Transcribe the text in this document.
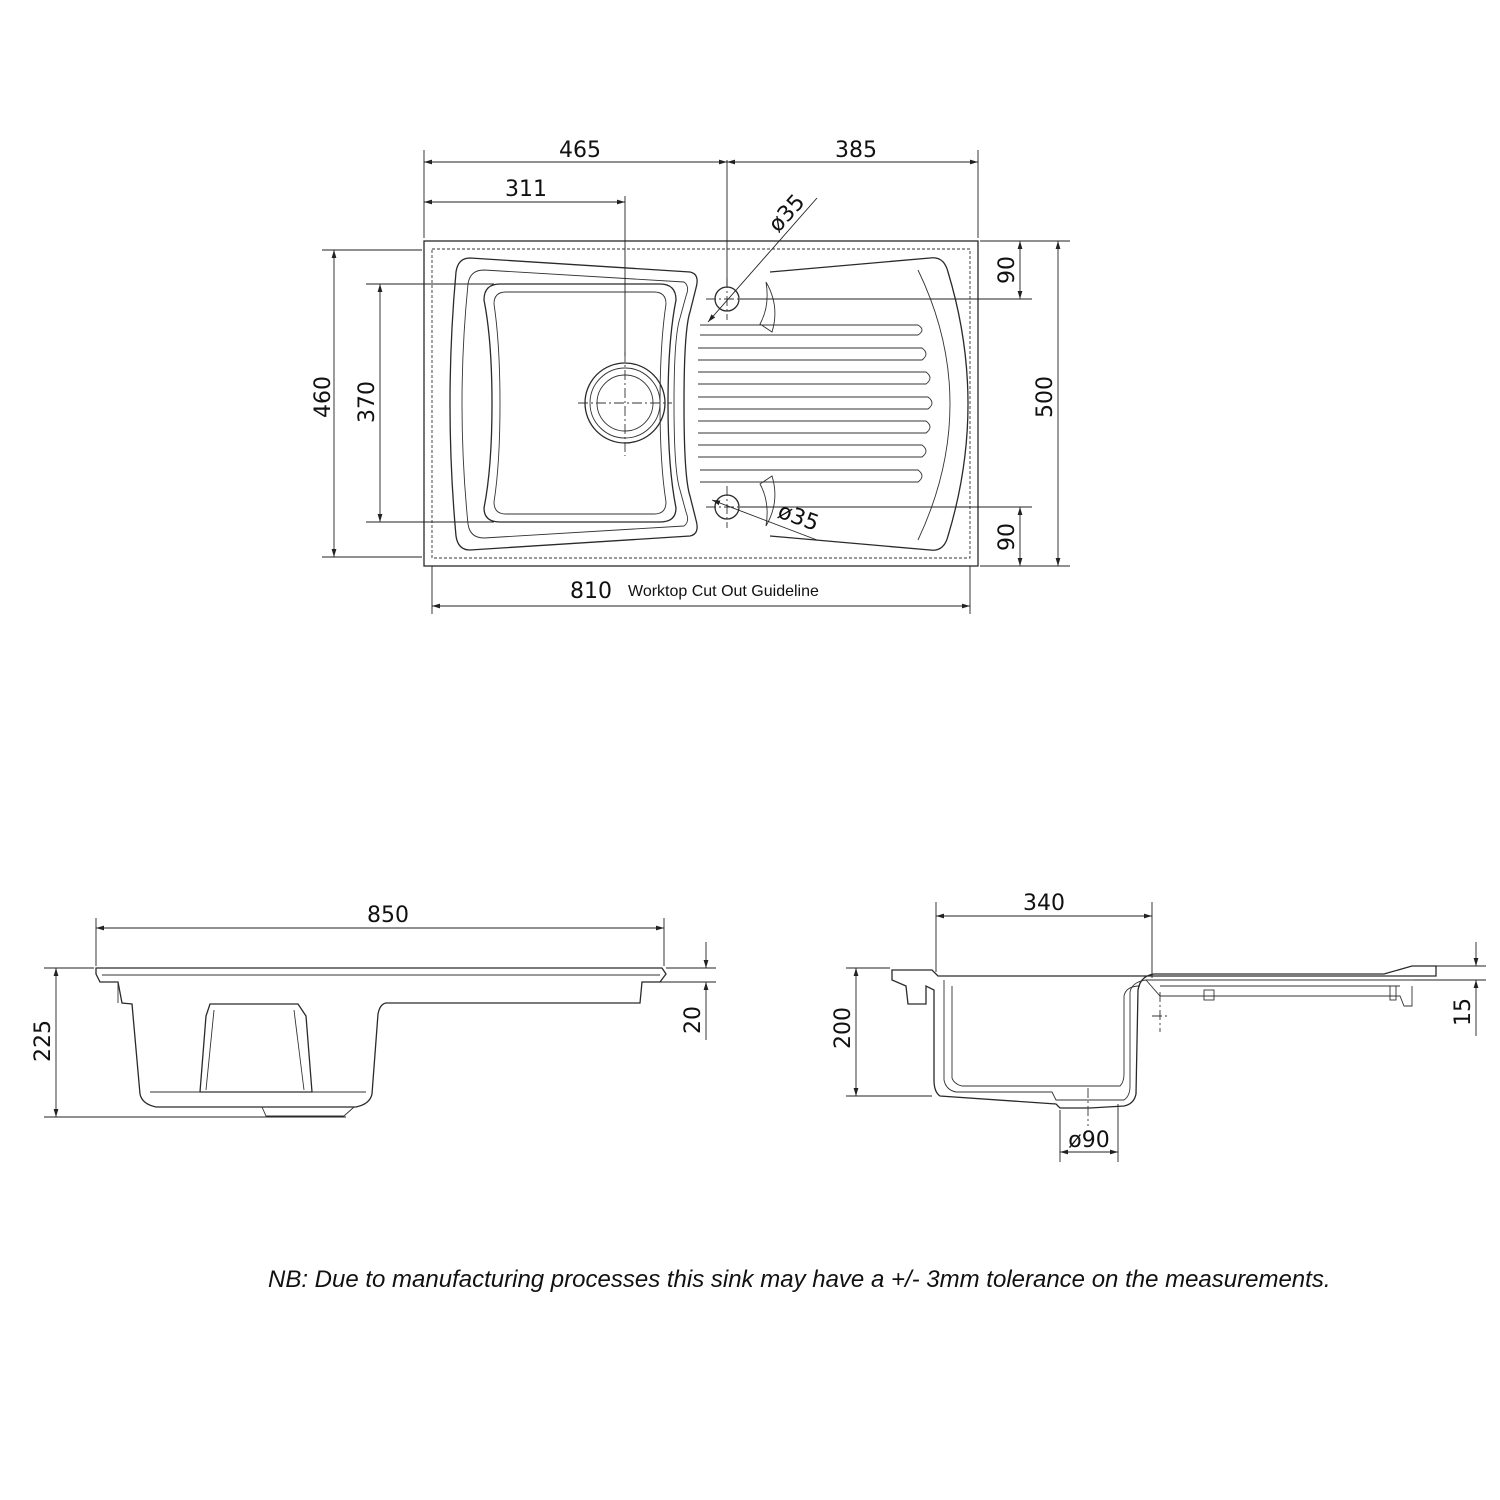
465	385
311
ø35
ø35
460 370
90
90
500
810 Worktop Cut Out Guideline
850
225	20
340
200	15
ø90
NB: Due to manufacturing processes this sink may have a +/- 3mm tolerance on the measurements.
